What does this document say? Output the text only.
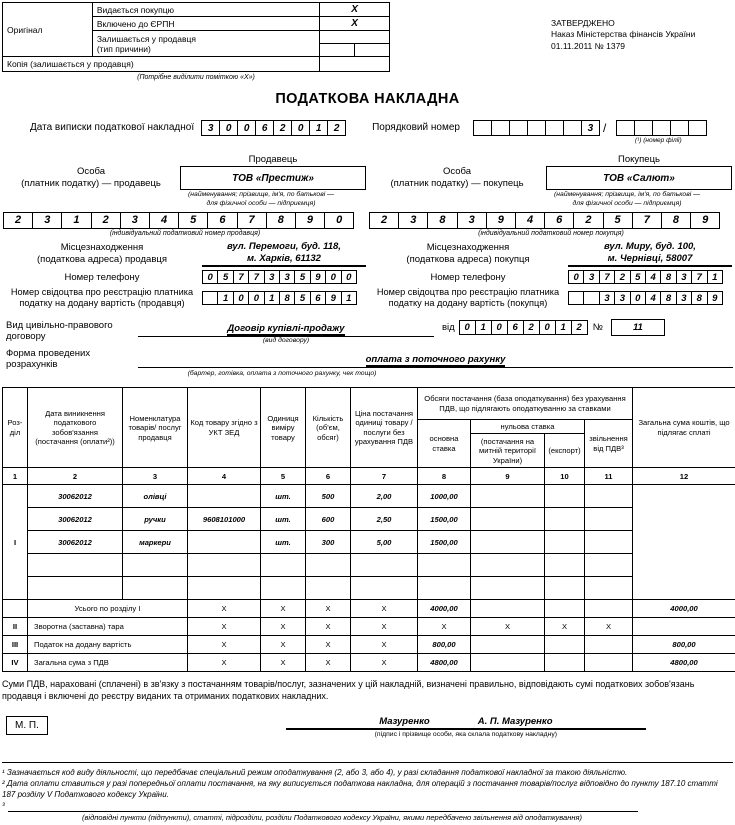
Оригінал	Видається покупцю	X	
	Включено до ЄРПН	X	

	Залишається у продавця
(тип причини)		

Копія (залишається у продавця)			
(Потрібне виділити поміткою «Х»)
ЗАТВЕРДЖЕНО
Наказ Міністерства фінансів України
01.11.2011 № 1379
ПОДАТКОВА НАКЛАДНА
Дата виписки податкової накладної	3	0	0	6	2	0	1	2	Порядковий номер	3 /
(¹) (номер філії)
Продавець
Особа
(платник податку) — продавець	ТОВ «Престиж»
(найменування; прізвище, ім'я, по батькові —
для фізичної особи — підприємця)
2	3	1	2	3	4	5	6	7	8	9	0
(індивідуальний податковий номер продавця)
Місцезнаходження
(податкова адреса) продавця
вул. Перемоги, буд. 118,
м. Харків, 61132
Номер телефону	0	5	7	7	3	3	5	9	0	0
Номер свідоцтва про реєстрацію платника
податку на додану вартість (продавця)	1	0	0	1	8	5	6	9	1
Покупець
Особа
(платник податку) — покупець	ТОВ «Салют»
(найменування; прізвище, ім'я, по батькові —
для фізичної особи — підприємця)
2	3	8	3	9	4	6	2	5	7	8	9
(індивідуальний податковий номер покупця)
Місцезнаходження
(податкова адреса) покупця
вул. Миру, буд. 100,
м. Чернівці, 58007
Номер телефону	0	3	7	2	5	4	8	3	7	1
Номер свідоцтва про реєстрацію платника
податку на додану вартість (покупця)	3	3	0	4	8	3	8	9
Вид цивільно-правового договору
Договір купівлі-продажу
(вид договору)
від	0	1	0	6	2	0	1	2	№	11
Форма проведених розрахунків	оплата з поточного рахунку
(бартер, готівка, оплата з поточного рахунку, чек тощо)
Роз-діл	Дата виникнення податкового зобов'язання (постачання (оплати²))	Номенклатура товарів/ послуг продавця	Код товару згідно з УКТ ЗЕД	Одиниця виміру товару	Кількість (об'єм, обсяг)	Ціна постачання одиниці товару / послуги без урахування ПДВ	Обсяги постачання (база оподаткування) без урахування ПДВ, що підлягають оподаткуванню за ставками				Загальна сума коштів, що підлягає сплаті
							основна ставка	нульова ставка		звільнення від ПДВ³	
								(постачання на митній території України)	(експорт)		
1	2	3	4	5	6	7	8	9	10	11	12
I	30062012	олівці		шт.	500	2,00	1000,00				
	30062012	ручки	9608101000	шт.	600	2,50	1500,00				
	30062012	маркери		шт.	300	5,00	1500,00				

	Усього по розділу I		X	X	X	X	4000,00				4000,00
II	Зворотна (заставна) тара		X	X	X	X	X	X	X	X	
III	Податок на додану вартість		X	X	X	X	800,00				800,00
IV	Загальна сума з ПДВ		X	X	X	X	4800,00				4800,00
Суми ПДВ, нараховані (сплачені) в зв'язку з постачанням товарів/послуг, зазначених у цій накладній, визначені правильно, відповідають сумі податкових зобов'язань продавця і включені до реєстру виданих та отриманих податкових накладних.
М. П.	Мазуренко	А. П. Мазуренко
(підпис і прізвище особи, яка склала податкову накладну)
¹ Зазначається код виду діяльності, що передбачає спеціальний режим оподаткування (2, або 3, або 4), у разі складання податкової накладної за такою діяльністю.
² Дата оплати ставиться у разі попередньої оплати постачання, на яку виписується податкова накладна, для операцій з постачання товарів/послуг відповідно до пункту 187.10 статті 187 розділу V Податкового кодексу України.
³
(відповідні пункти (підпункти), статті, підрозділи, розділи Податкового кодексу України, якими передбачено звільнення від оподаткування)
